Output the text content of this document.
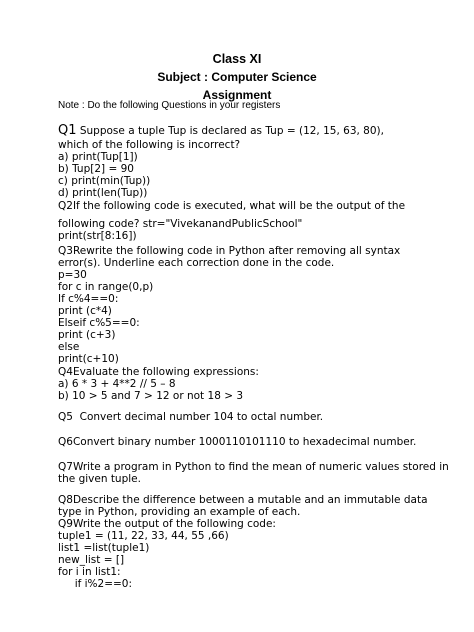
Class XI
Subject : Computer Science
Assignment
Note : Do the following Questions in your registers
Q1 Suppose a tuple Tup is declared as Tup = (12, 15, 63, 80),
which of the following is incorrect?
a) print(Tup[1])
b) Tup[2] = 90
c) print(min(Tup))
d) print(len(Tup))
Q2If the following code is executed, what will be the output of the
following code? str="VivekanandPublicSchool"
print(str[8:16])
Q3Rewrite the following code in Python after removing all syntax
error(s). Underline each correction done in the code.
p=30
for c in range(0,p)
If c%4==0:
print (c*4)
Elseif c%5==0:
print (c+3)
else
print(c+10)
Q4Evaluate the following expressions:
a) 6 * 3 + 4**2 // 5 – 8
b) 10 > 5 and 7 > 12 or not 18 > 3
Q5  Convert decimal number 104 to octal number.
Q6Convert binary number 1000110101110 to hexadecimal number.
Q7Write a program in Python to find the mean of numeric values stored in
the given tuple.
Q8Describe the difference between a mutable and an immutable data
type in Python, providing an example of each.
Q9Write the output of the following code:
tuple1 = (11, 22, 33, 44, 55 ,66)
list1 =list(tuple1)
new_list = []
for i in list1:
if i%2==0:
